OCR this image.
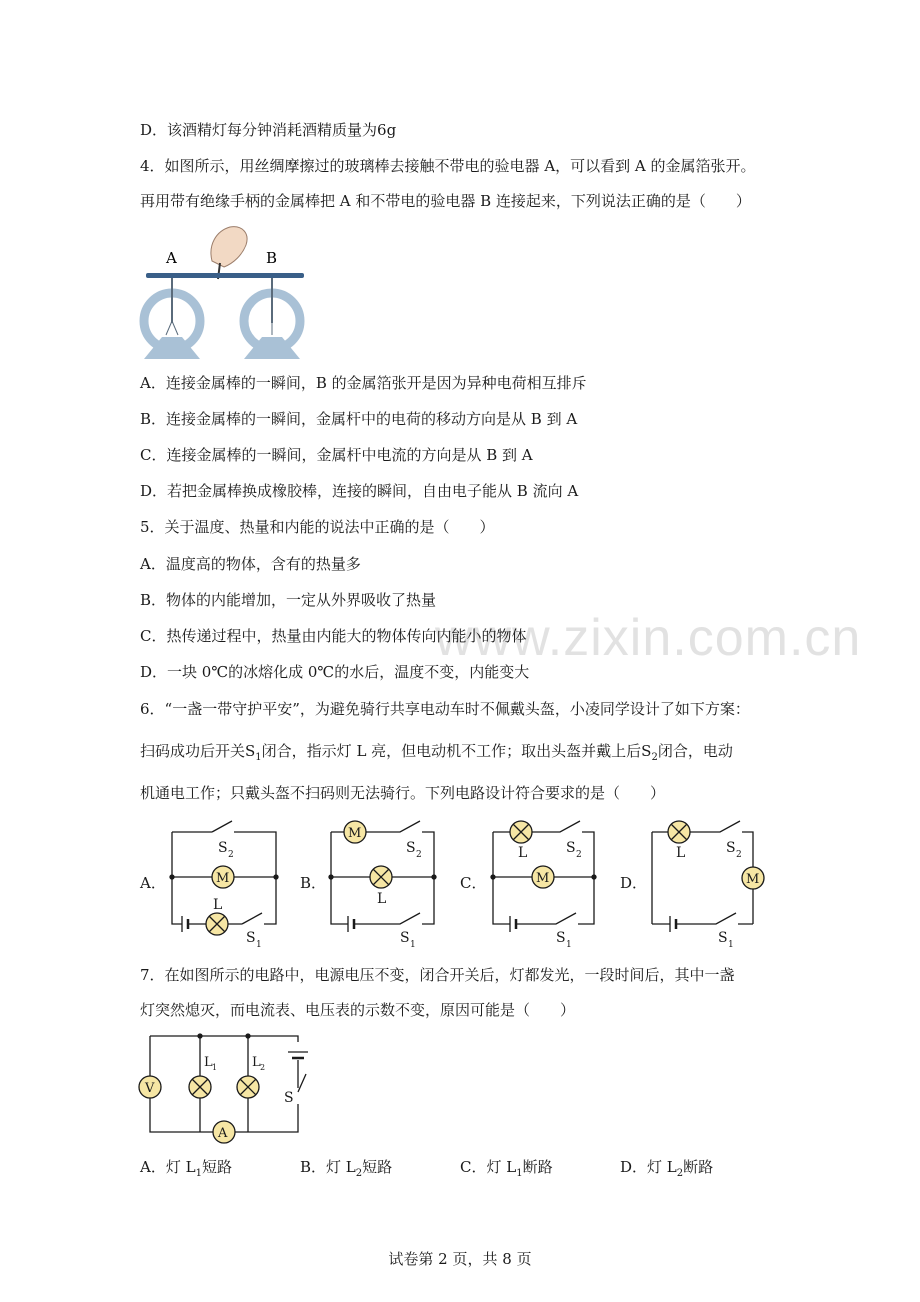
www.zixin.com.cn
D．该酒精灯每分钟消耗酒精质量为6g
4．如图所示，用丝绸摩擦过的玻璃棒去接触不带电的验电器 A，可以看到 A 的金属箔张开。
再用带有绝缘手柄的金属棒把 A 和不带电的验电器 B 连接起来，下列说法正确的是（　　）
A	B
A．连接金属棒的一瞬间，B 的金属箔张开是因为异种电荷相互排斥
B．连接金属棒的一瞬间，金属杆中的电荷的移动方向是从 B 到 A
C．连接金属棒的一瞬间，金属杆中电流的方向是从 B 到 A
D．若把金属棒换成橡胶棒，连接的瞬间，自由电子能从 B 流向 A
5．关于温度、热量和内能的说法中正确的是（　　）
A．温度高的物体，含有的热量多
B．物体的内能增加，一定从外界吸收了热量
C．热传递过程中，热量由内能大的物体传向内能小的物体
D．一块 0℃的冰熔化成 0℃的水后，温度不变，内能变大
6．“一盏一带守护平安”，为避免骑行共享电动车时不佩戴头盔，小凌同学设计了如下方案：
扫码成功后开关$S_1$闭合，指示灯 L 亮，但电动机不工作；取出头盔并戴上后$S_2$闭合，电动
机通电工作；只戴头盔不扫码则无法骑行。下列电路设计符合要求的是（　　）
A．
S 2
M
L
S 1
B．
M
S 2
L
S 1
C．
L	S 2
M
S 1
D．
L	S 2
M
S 1
7．在如图所示的电路中，电源电压不变，闭合开关后，灯都发光，一段时间后，其中一盏
灯突然熄灭，而电流表、电压表的示数不变，原因可能是（　　）
S
V
L 1	L 2
A
A．灯 $L_1$短路	B．灯 $L_2$短路	C．灯 $L_1$断路	D．灯 $L_2$断路
试卷第 2 页，共 8 页
